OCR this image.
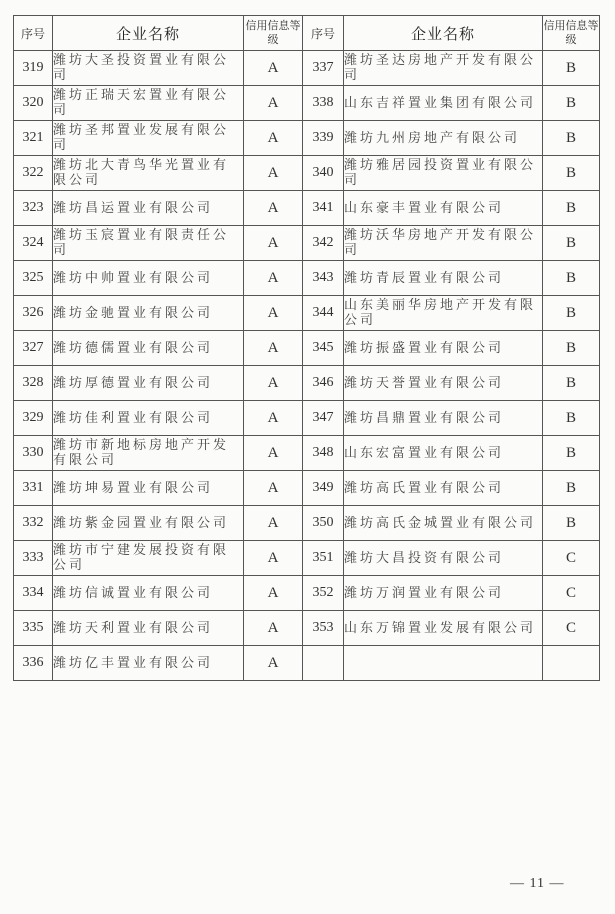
序号	企业名称	信用信息等级	序号	企业名称	信用信息等级
319	潍坊大圣投资置业有限公司	A	337	潍坊圣达房地产开发有限公司	B
320	潍坊正瑞天宏置业有限公司	A	338	山东吉祥置业集团有限公司	B
321	潍坊圣邦置业发展有限公司	A	339	潍坊九州房地产有限公司	B
322	潍坊北大青鸟华光置业有限公司	A	340	潍坊雅居园投资置业有限公司	B
323	潍坊昌运置业有限公司	A	341	山东豪丰置业有限公司	B
324	潍坊玉宸置业有限责任公司	A	342	潍坊沃华房地产开发有限公司	B
325	潍坊中帅置业有限公司	A	343	潍坊青辰置业有限公司	B
326	潍坊金驰置业有限公司	A	344	山东美丽华房地产开发有限公司	B
327	潍坊德儒置业有限公司	A	345	潍坊振盛置业有限公司	B
328	潍坊厚德置业有限公司	A	346	潍坊天誉置业有限公司	B
329	潍坊佳利置业有限公司	A	347	潍坊昌鼎置业有限公司	B
330	潍坊市新地标房地产开发有限公司	A	348	山东宏富置业有限公司	B
331	潍坊坤易置业有限公司	A	349	潍坊高氏置业有限公司	B
332	潍坊紫金园置业有限公司	A	350	潍坊高氏金城置业有限公司	B
333	潍坊市宁建发展投资有限公司	A	351	潍坊大昌投资有限公司	C
334	潍坊信诚置业有限公司	A	352	潍坊万润置业有限公司	C
335	潍坊天利置业有限公司	A	353	山东万锦置业发展有限公司	C
336	潍坊亿丰置业有限公司	A			
— 11 —
